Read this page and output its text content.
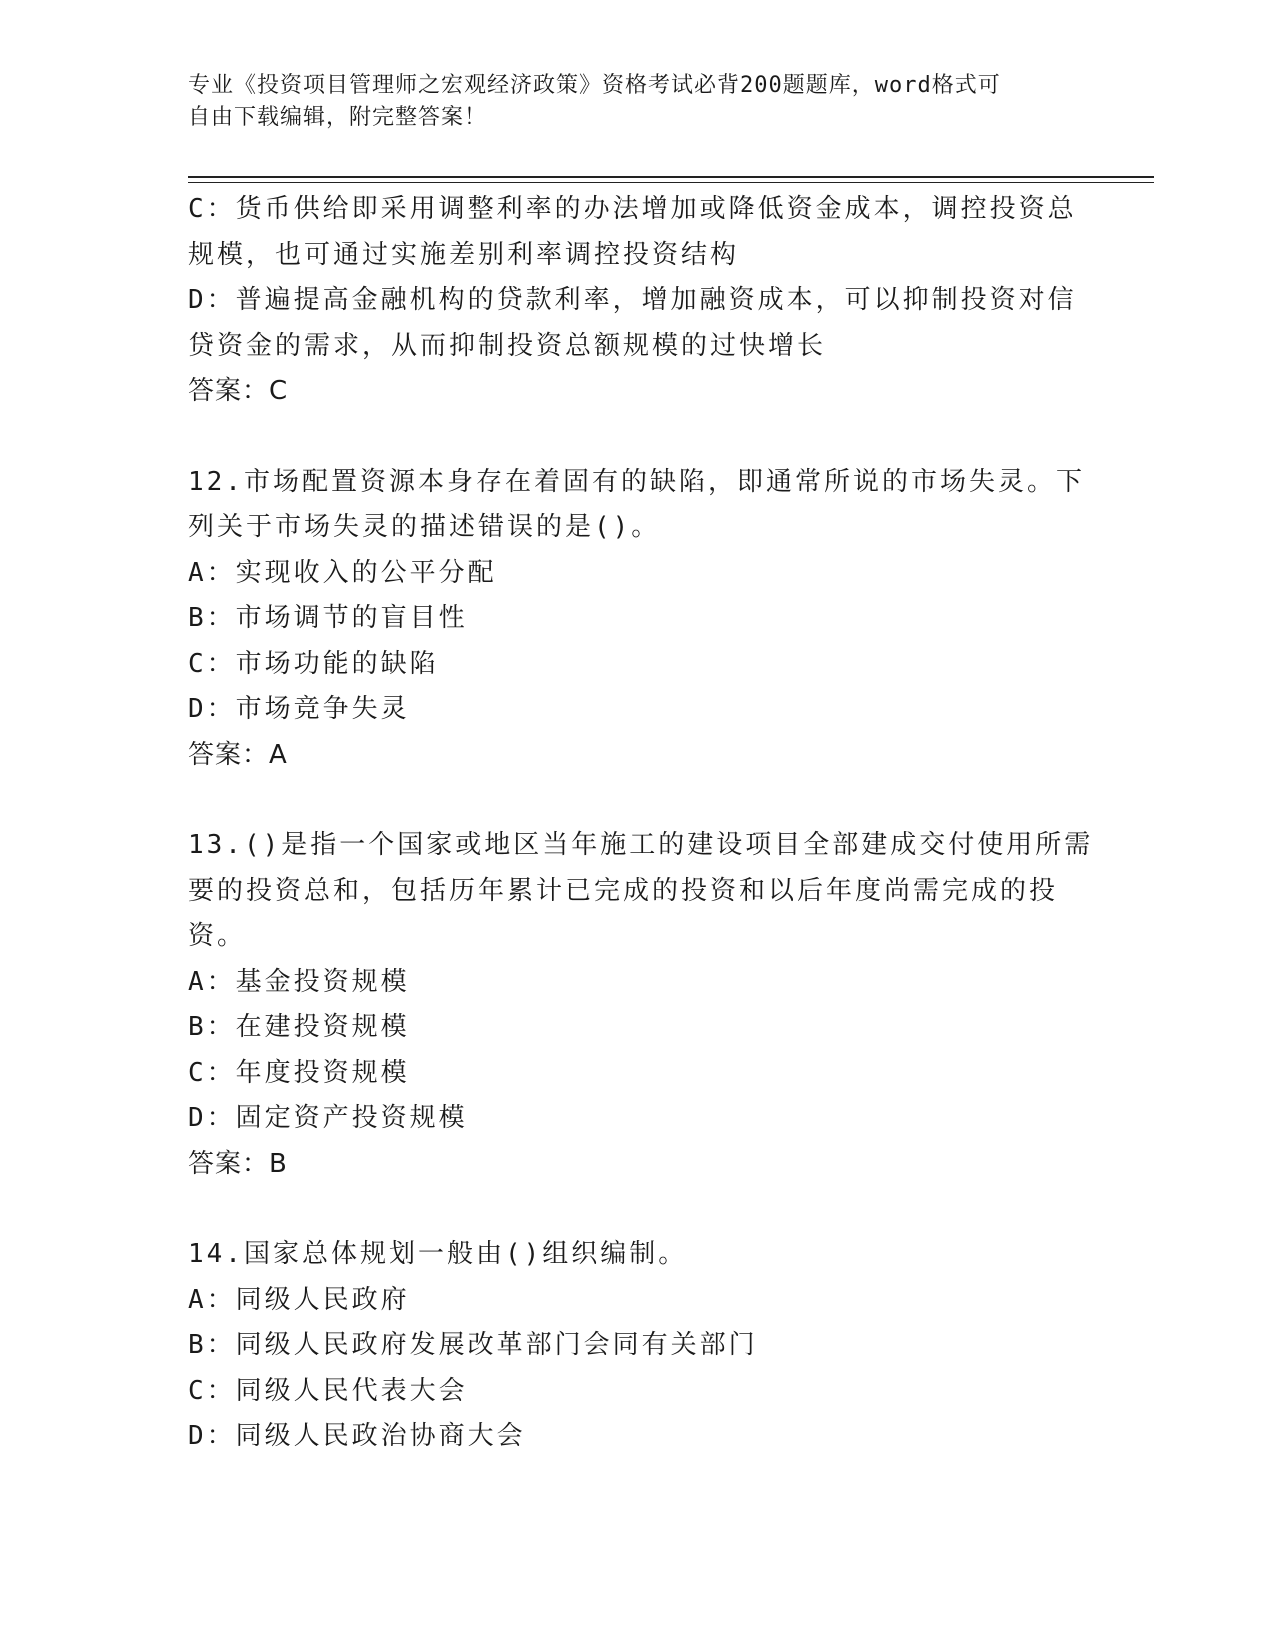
专业《投资项目管理师之宏观经济政策》资格考试必背200题题库，word格式可
自由下载编辑，附完整答案！
C：货币供给即采用调整利率的办法增加或降低资金成本，调控投资总
规模，也可通过实施差别利率调控投资结构
D：普遍提高金融机构的贷款利率，增加融资成本，可以抑制投资对信
贷资金的需求，从而抑制投资总额规模的过快增长
答案：C
12.市场配置资源本身存在着固有的缺陷，即通常所说的市场失灵。下
列关于市场失灵的描述错误的是()。
A：实现收入的公平分配
B：市场调节的盲目性
C：市场功能的缺陷
D：市场竞争失灵
答案：A
13.()是指一个国家或地区当年施工的建设项目全部建成交付使用所需
要的投资总和，包括历年累计已完成的投资和以后年度尚需完成的投
资。
A：基金投资规模
B：在建投资规模
C：年度投资规模
D：固定资产投资规模
答案：B
14.国家总体规划一般由()组织编制。
A：同级人民政府
B：同级人民政府发展改革部门会同有关部门
C：同级人民代表大会
D：同级人民政治协商大会
